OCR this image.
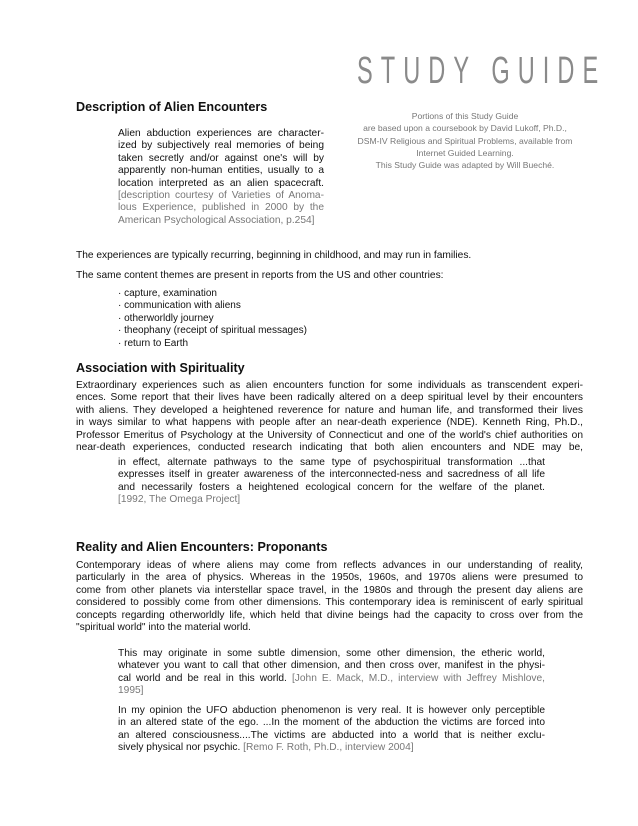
STUDY GUIDE
Portions of this Study Guide
are based upon a coursebook by David Lukoff, Ph.D.,
DSM-IV Religious and Spiritual Problems, available from
Internet Guided Learning.
This Study Guide was adapted by Will Bueché.
Description of Alien Encounters
Alien abduction experiences are character-
ized by subjectively real memories of being
taken secretly and/or against one's will by
apparently non-human entities, usually to a
location interpreted as an alien spacecraft.
[description courtesy of Varieties of Anoma-
lous Experience, published in 2000 by the
American Psychological Association, p.254]
The experiences are typically recurring, beginning in childhood, and may run in families.
The same content themes are present in reports from the US and other countries:
· capture, examination
· communication with aliens
· otherworldly journey
· theophany (receipt of spiritual messages)
· return to Earth
Association with Spirituality
Extraordinary experiences such as alien encounters function for some individuals as transcendent experi-
ences. Some report that their lives have been radically altered on a deep spiritual level by their encounters
with aliens. They developed a heightened reverence for nature and human life, and transformed their lives
in ways similar to what happens with people after an near-death experience (NDE). Kenneth Ring, Ph.D.,
Professor Emeritus of Psychology at the University of Connecticut and one of the world's chief authorities on
near-death experiences, conducted research indicating that both alien encounters and NDE may be,
in effect, alternate pathways to the same type of psychospiritual transformation ...that
expresses itself in greater awareness of the interconnected-ness and sacredness of all life
and necessarily fosters a heightened ecological concern for the welfare of the planet.
[1992, The Omega Project]
Reality and Alien Encounters: Proponants
Contemporary ideas of where aliens may come from reflects advances in our understanding of reality,
particularly in the area of physics. Whereas in the 1950s, 1960s, and 1970s aliens were presumed to
come from other planets via interstellar space travel, in the 1980s and through the present day aliens are
considered to possibly come from other dimensions. This contemporary idea is reminiscent of early spiritual
concepts regarding otherworldly life, which held that divine beings had the capacity to cross over from the
"spiritual world" into the material world.
This may originate in some subtle dimension, some other dimension, the etheric world,
whatever you want to call that other dimension, and then cross over, manifest in the physi-
cal world and be real in this world. [John E. Mack, M.D., interview with Jeffrey Mishlove,
1995]
In my opinion the UFO abduction phenomenon is very real. It is however only perceptible
in an altered state of the ego. ...In the moment of the abduction the victims are forced into
an altered consciousness....The victims are abducted into a world that is neither exclu-
sively physical nor psychic. [Remo F. Roth, Ph.D., interview 2004]
